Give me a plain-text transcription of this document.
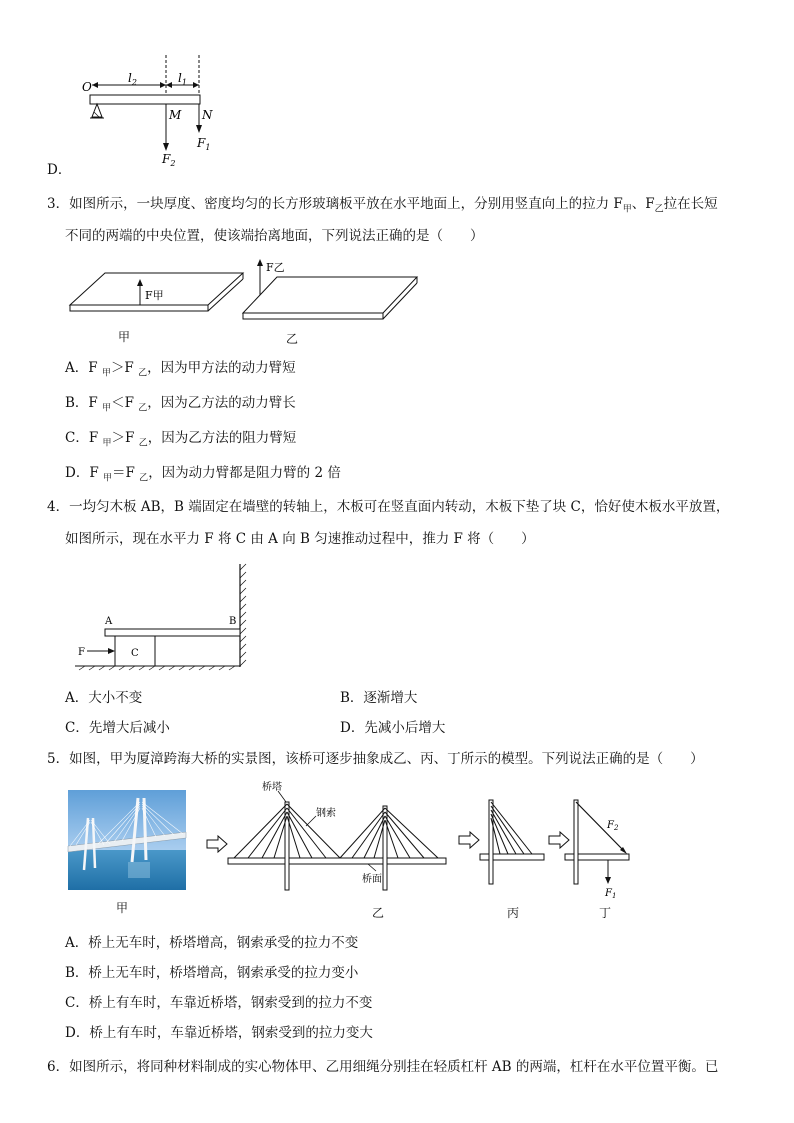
O
$l_2$	$l_1$
M N
$F_1$
$F_2$
D．
3．如图所示，一块厚度、密度均匀的长方形玻璃板平放在水平地面上，分别用竖直向上的拉力 $F_甲$、$F_乙$拉在长短
不同的两端的中央位置，使该端抬离地面，下列说法正确的是（　　）
F甲
F乙
甲	乙
A．F $_甲$＞F $_乙$，因为甲方法的动力臂短
B．F $_甲$＜F $_乙$，因为乙方法的动力臂长
C．F $_甲$＞F $_乙$，因为乙方法的阻力臂短
D．F $_甲$＝F $_乙$，因为动力臂都是阻力臂的 2 倍
4．一均匀木板 AB，B 端固定在墙壁的转轴上，木板可在竖直面内转动，木板下垫了块 C，恰好使木板水平放置，
如图所示，现在水平力 F 将 C 由 A 向 B 匀速推动过程中，推力 F 将（　　）
A	B
C
F
A．大小不变	B．逐渐增大
C．先增大后减小	D．先减小后增大
5．如图，甲为厦漳跨海大桥的实景图，该桥可逐步抽象成乙、丙、丁所示的模型。下列说法正确的是（　　）
甲
桥塔
钢索
桥面
乙	丙
$F_2$
$F_1$
丁
A．桥上无车时，桥塔增高，钢索承受的拉力不变
B．桥上无车时，桥塔增高，钢索承受的拉力变小
C．桥上有车时，车靠近桥塔，钢索受到的拉力不变
D．桥上有车时，车靠近桥塔，钢索受到的拉力变大
6．如图所示，将同种材料制成的实心物体甲、乙用细绳分别挂在轻质杠杆 AB 的两端，杠杆在水平位置平衡。已
